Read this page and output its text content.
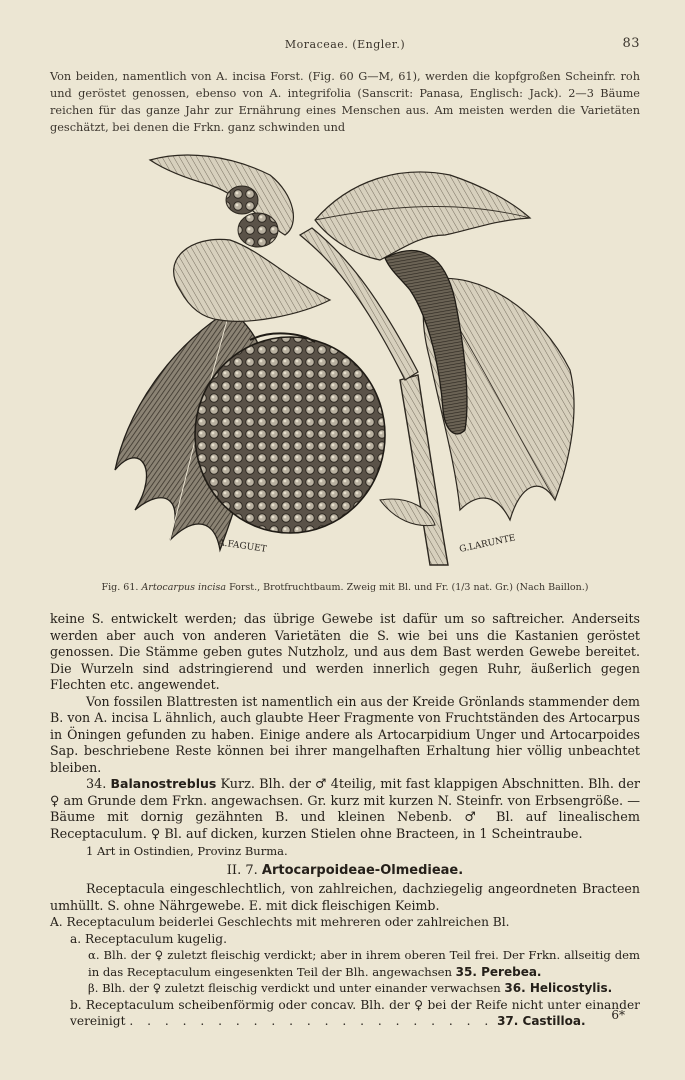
Moraceae. (Engler.)	83
Von beiden, namentlich von A. incisa Forst. (Fig. 60 G—M, 61), werden die kopfgroßen Scheinfr. roh und geröstet genossen, ebenso von A. integrifolia (Sanscrit: Panasa, Englisch: Jack). 2—3 Bäume reichen für das ganze Jahr zur Ernährung eines Menschen aus. Am meisten werden die Varietäten geschätzt, bei denen die Frkn. ganz schwinden und
A.FAGUET	G.LARUNTE
Fig. 61. Artocarpus incisa Forst., Brotfruchtbaum. Zweig mit Bl. und Fr. (1/3 nat. Gr.) (Nach Baillon.)

keine S. entwickelt werden; das übrige Gewebe ist dafür um so saftreicher. Anderseits werden aber auch von anderen Varietäten die S. wie bei uns die Kastanien geröstet genossen. Die Stämme geben gutes Nutzholz, und aus dem Bast werden Gewebe bereitet. Die Wurzeln sind adstringierend und werden innerlich gegen Ruhr, äußerlich gegen Flechten etc. angewendet.

Von fossilen Blattresten ist namentlich ein aus der Kreide Grönlands stammender dem B. von A. incisa L ähnlich, auch glaubte Heer Fragmente von Fruchtständen des Artocarpus in Öningen gefunden zu haben. Einige andere als Artocarpidium Unger und Artocarpoides Sap. beschriebene Reste können bei ihrer mangelhaften Erhaltung hier völlig unbeachtet bleiben.

34. Balanostreblus Kurz. Blh. der ♂ 4teilig, mit fast klappigen Abschnitten. Blh. der ♀ am Grunde dem Frkn. angewachsen. Gr. kurz mit kurzen N. Steinfr. von Erbsengröße. — Bäume mit dornig gezähnten B. und kleinen Nebenb. ♂ Bl. auf linealischem Receptaculum. ♀ Bl. auf dicken, kurzen Stielen ohne Bracteen, in 1 Scheintraube.

1 Art in Ostindien, Provinz Burma.

II. 7. Artocarpoideae-Olmedieae.

Receptacula eingeschlechtlich, von zahlreichen, dachziegelig angeordneten Bracteen umhüllt. S. ohne Nährgewebe. E. mit dick fleischigen Keimb.

A. Receptaculum beiderlei Geschlechts mit mehreren oder zahlreichen Bl.
a. Receptaculum kugelig.
α. Blh. der ♀ zuletzt fleischig verdickt; aber in ihrem oberen Teil frei. Der Frkn. allseitig dem in das Receptaculum eingesenkten Teil der Blh. angewachsen 35. Perebea.
β. Blh. der ♀ zuletzt fleischig verdickt und unter einander verwachsen 36. Helicostylis.
b. Receptaculum scheibenförmig oder concav. Blh. der ♀ bei der Reife nicht unter einander vereinigt . . . . . . . . . . . . . . . . . . . . . 37. Castilloa.	6*
